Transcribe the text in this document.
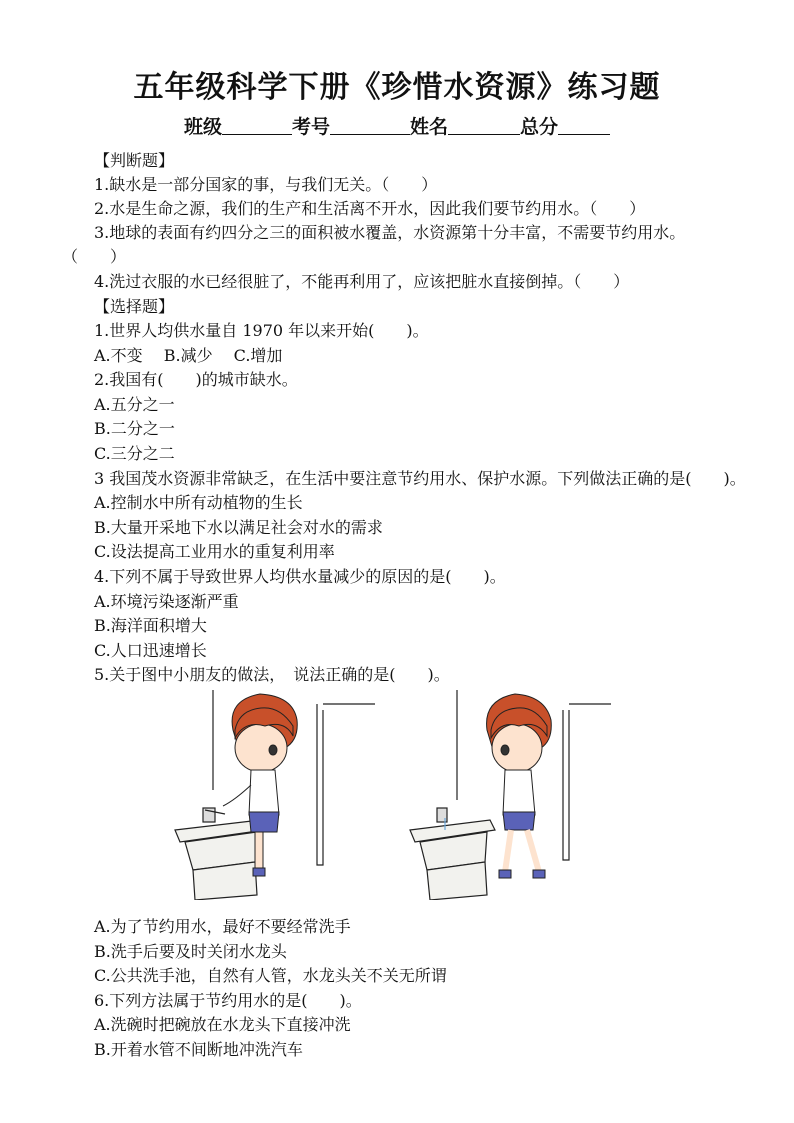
五年级科学下册《珍惜水资源》练习题
班级	考号	姓名	总分
【判断题】
1.缺水是一部分国家的事，与我们无关。（　　）
2.水是生命之源，我们的生产和生活离不开水，因此我们要节约用水。（　　）
3.地球的表面有约四分之三的面积被水覆盖，水资源第十分丰富，不需要节约用水。
（　　）
4.洗过衣服的水已经很脏了，不能再利用了，应该把脏水直接倒掉。（　　）
【选择题】
1.世界人均供水量自 1970 年以来开始(　　)。
A.不变　 B.减少　 C.增加
2.我国有(　　)的城市缺水。
A.五分之一
B.二分之一
C.三分之二
3 我国茂水资源非常缺乏，在生活中要注意节约用水、保护水源。下列做法正确的是(　　)。
A.控制水中所有动植物的生长
B.大量开采地下水以满足社会对水的需求
C.设法提高工业用水的重复利用率
4.下列不属于导致世界人均供水量减少的原因的是(　　)。
A.环境污染逐渐严重
B.海洋面积增大
C.人口迅速增长
5.关于图中小朋友的做法，　说法正确的是(　　)。
A.为了节约用水，最好不要经常洗手
B.洗手后要及时关闭水龙头
C.公共洗手池，自然有人管，水龙头关不关无所谓
6.下列方法属于节约用水的是(　　)。
A.洗碗时把碗放在水龙头下直接冲洗
B.开着水管不间断地冲洗汽车
